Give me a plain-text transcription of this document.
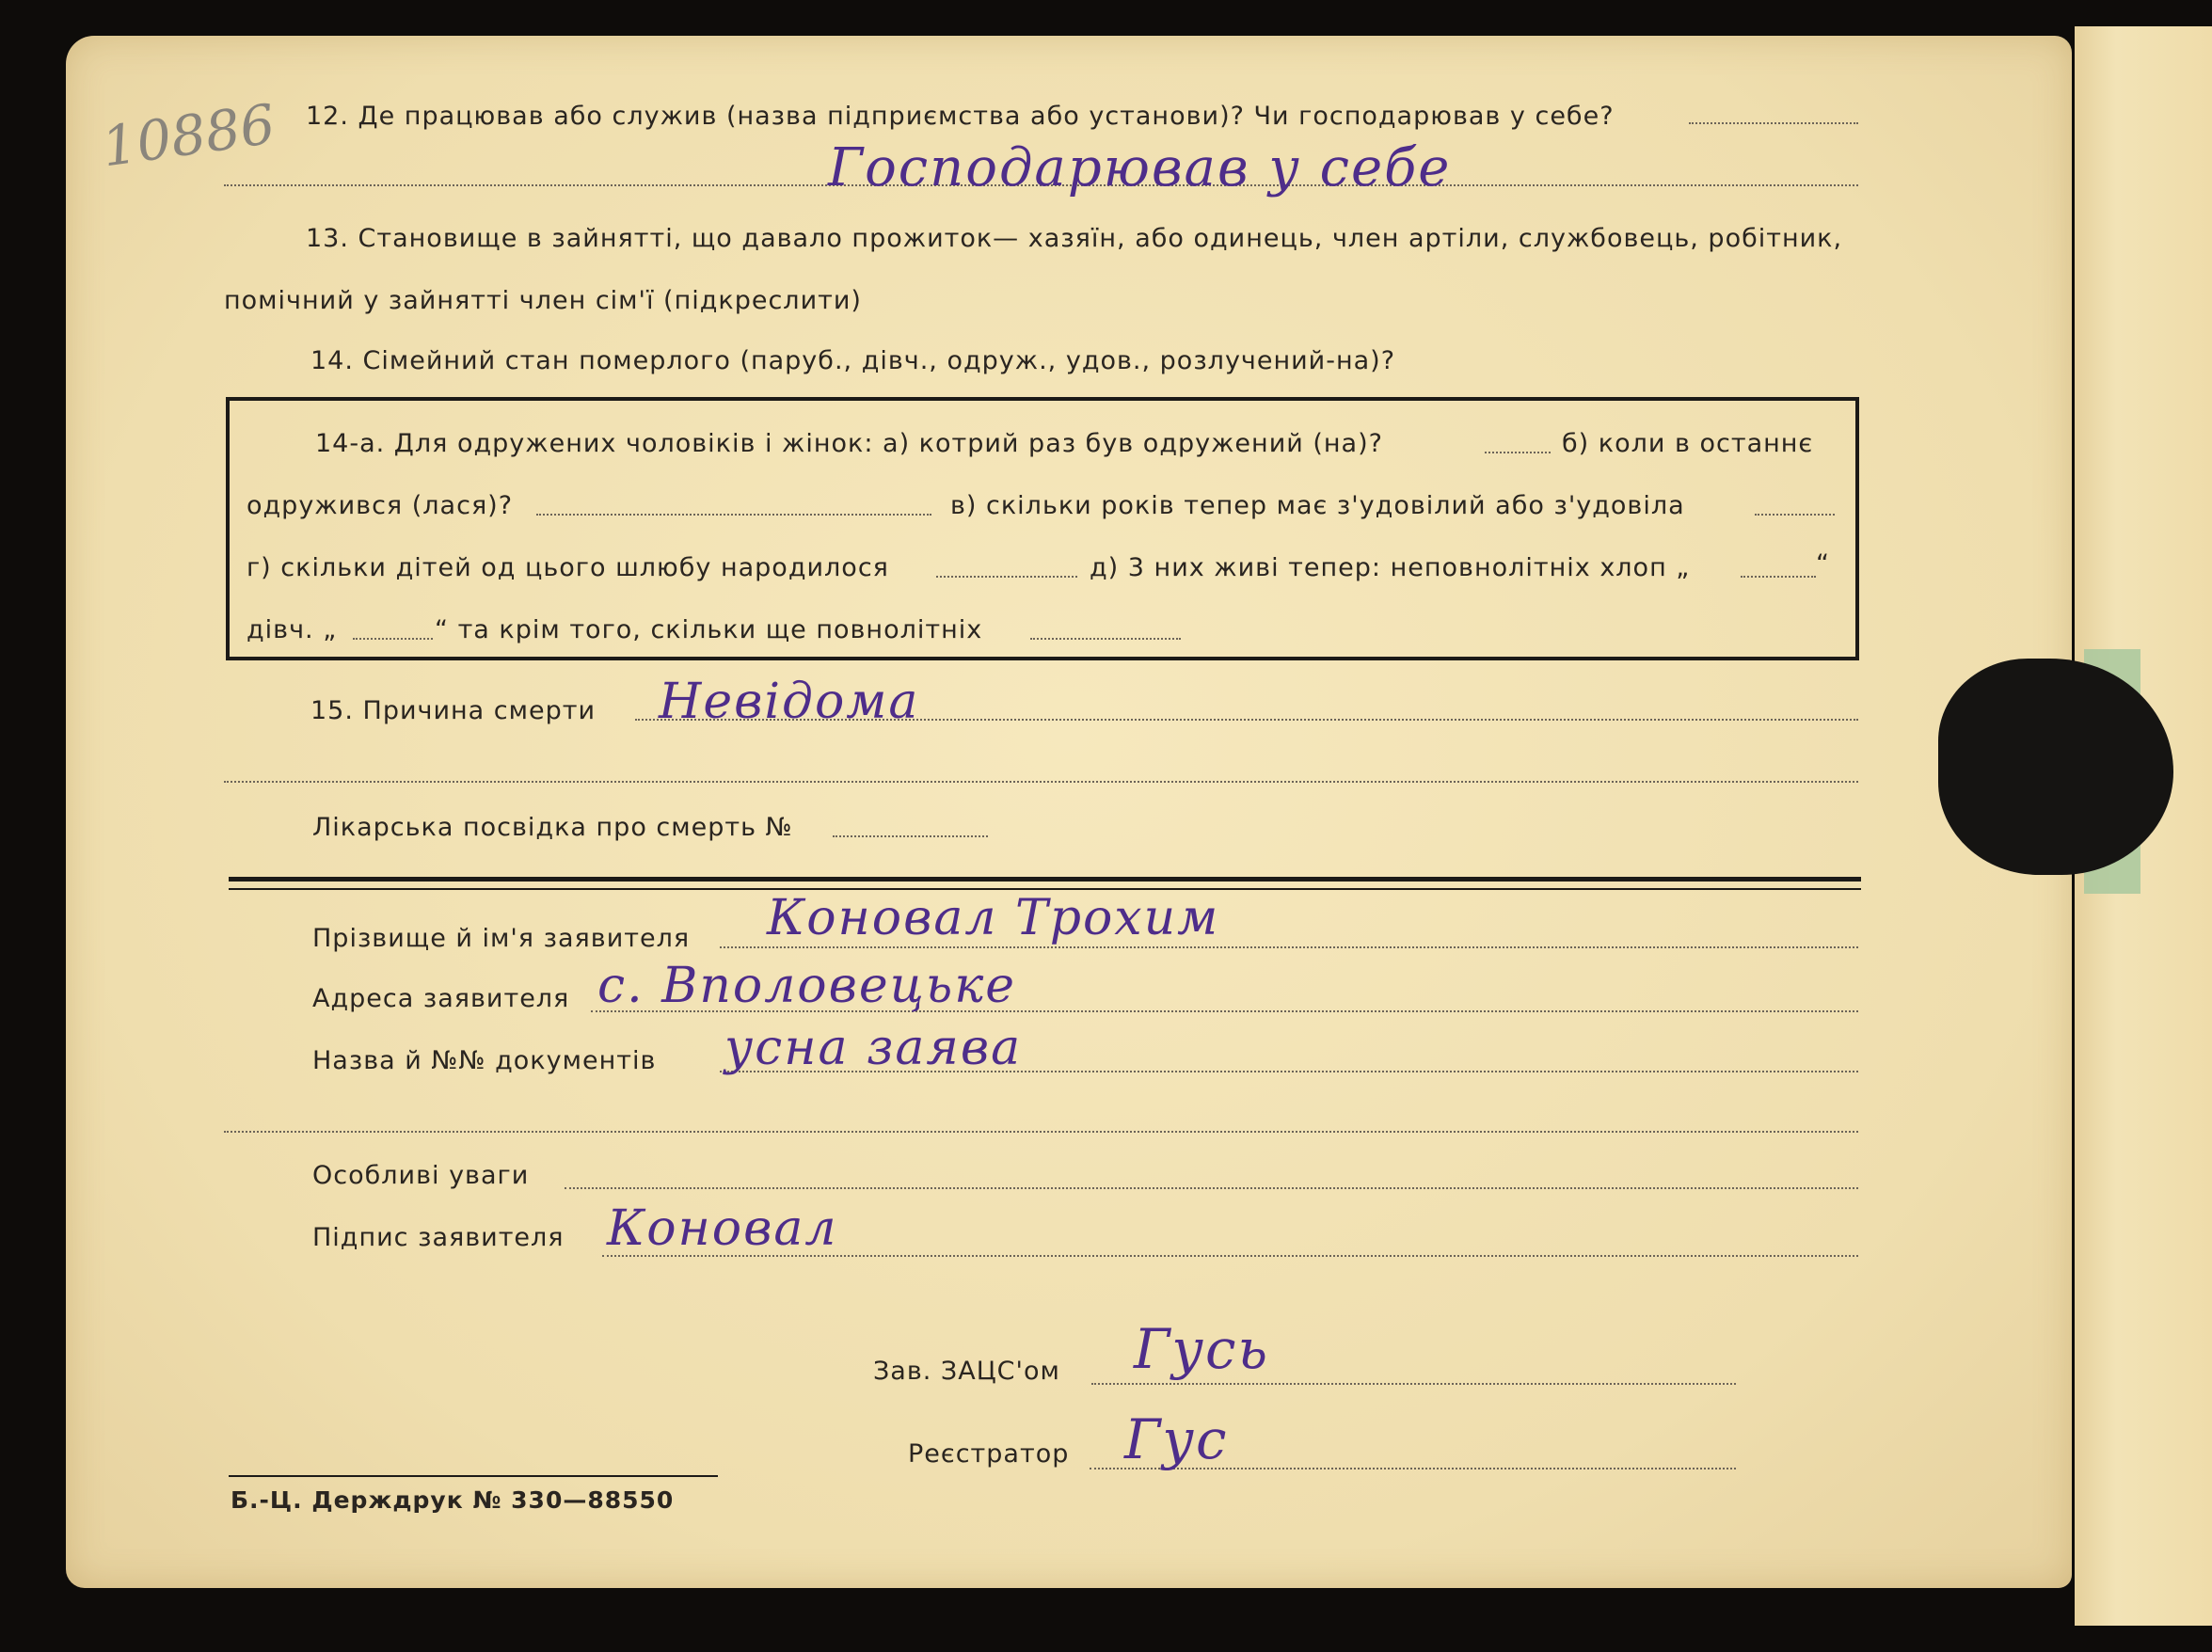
10886 12. Де працював або служив (назва підприємства або установи)? Чи господарював у себе?
Господарював у себе
13. Становище в зайнятті, що давало прожиток— хазяїн, або одинець, член артіли, службовець, робітник,
помічний у зайнятті член сім'ї (підкреслити)
14. Сімейний стан померлого (паруб., дівч., одруж., удов., розлучений-на)?
14-а. Для одружених чоловіків і жінок: а) котрий раз був одружений (на)?	б) коли в останнє
одружився (лася)?	в) скільки років тепер має з'удовілий або з'удовіла
г) скільки дітей од цього шлюбу народилося	д) 3 них живі тепер: неповнолітніх хлоп „	“
дівч. „	“ та крім того, скільки ще повнолітніх
15. Причина смерти Невідома
Лікарська посвідка про смерть №
Прізвище й ім'я заявителя Коновал Трохим
Адреса заявителя с. Вполовецьке
Назва й №№ документів усна заява
Особливі уваги
Підпис заявителя Коновал
Зав. ЗАЦС'ом Гусь
Реєстратор Гус
Б.-Ц. Держдрук № 330—88550
